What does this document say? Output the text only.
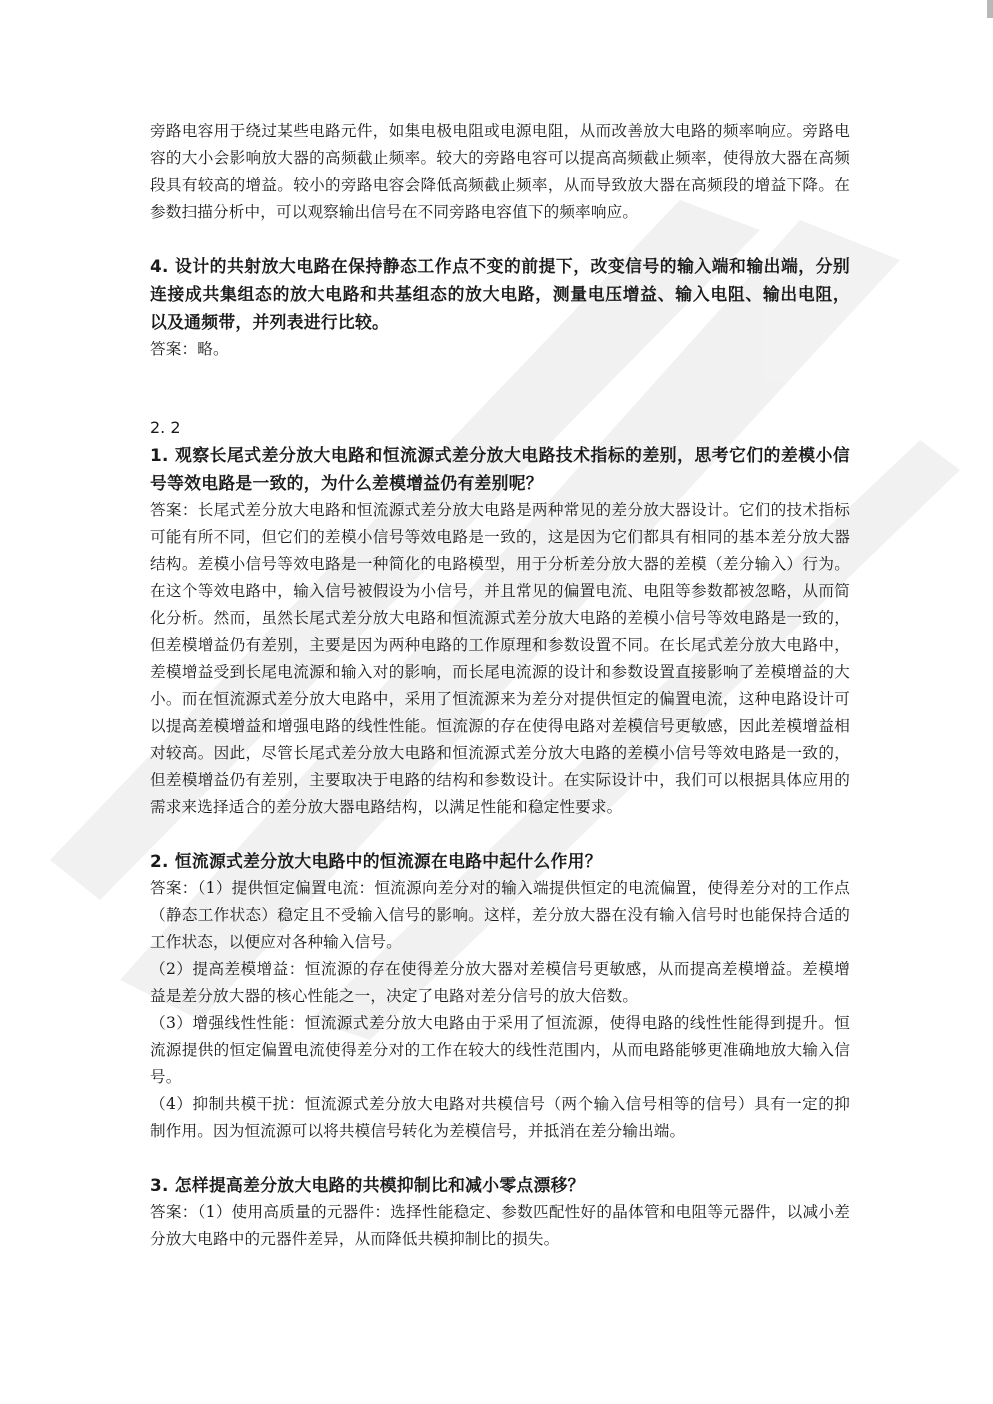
旁路电容用于绕过某些电路元件，如集电极电阻或电源电阻，从而改善放大电路的频率响应。旁路电容的大小会影响放大器的高频截止频率。较大的旁路电容可以提高高频截止频率，使得放大器在高频段具有较高的增益。较小的旁路电容会降低高频截止频率，从而导致放大器在高频段的增益下降。在参数扫描分析中，可以观察输出信号在不同旁路电容值下的频率响应。

4. 设计的共射放大电路在保持静态工作点不变的前提下，改变信号的输入端和输出端，分别连接成共集组态的放大电路和共基组态的放大电路，测量电压增益、输入电阻、输出电阻，以及通频带，并列表进行比较。

答案：略。

2. 2

1. 观察长尾式差分放大电路和恒流源式差分放大电路技术指标的差别，思考它们的差模小信号等效电路是一致的，为什么差模增益仍有差别呢？

答案：长尾式差分放大电路和恒流源式差分放大电路是两种常见的差分放大器设计。它们的技术指标可能有所不同，但它们的差模小信号等效电路是一致的，这是因为它们都具有相同的基本差分放大器结构。差模小信号等效电路是一种简化的电路模型，用于分析差分放大器的差模（差分输入）行为。在这个等效电路中，输入信号被假设为小信号，并且常见的偏置电流、电阻等参数都被忽略，从而简化分析。然而，虽然长尾式差分放大电路和恒流源式差分放大电路的差模小信号等效电路是一致的，但差模增益仍有差别，主要是因为两种电路的工作原理和参数设置不同。在长尾式差分放大电路中，差模增益受到长尾电流源和输入对的影响，而长尾电流源的设计和参数设置直接影响了差模增益的大小。而在恒流源式差分放大电路中，采用了恒流源来为差分对提供恒定的偏置电流，这种电路设计可以提高差模增益和增强电路的线性性能。恒流源的存在使得电路对差模信号更敏感，因此差模增益相对较高。因此，尽管长尾式差分放大电路和恒流源式差分放大电路的差模小信号等效电路是一致的，但差模增益仍有差别，主要取决于电路的结构和参数设计。在实际设计中，我们可以根据具体应用的需求来选择适合的差分放大器电路结构，以满足性能和稳定性要求。

2. 恒流源式差分放大电路中的恒流源在电路中起什么作用？

答案：（1）提供恒定偏置电流：恒流源向差分对的输入端提供恒定的电流偏置，使得差分对的工作点（静态工作状态）稳定且不受输入信号的影响。这样，差分放大器在没有输入信号时也能保持合适的工作状态，以便应对各种输入信号。

（2）提高差模增益：恒流源的存在使得差分放大器对差模信号更敏感，从而提高差模增益。差模增益是差分放大器的核心性能之一，决定了电路对差分信号的放大倍数。

（3）增强线性性能：恒流源式差分放大电路由于采用了恒流源，使得电路的线性性能得到提升。恒流源提供的恒定偏置电流使得差分对的工作在较大的线性范围内，从而电路能够更准确地放大输入信号。

（4）抑制共模干扰：恒流源式差分放大电路对共模信号（两个输入信号相等的信号）具有一定的抑制作用。因为恒流源可以将共模信号转化为差模信号，并抵消在差分输出端。

3. 怎样提高差分放大电路的共模抑制比和减小零点漂移？

答案：（1）使用高质量的元器件：选择性能稳定、参数匹配性好的晶体管和电阻等元器件，以减小差分放大电路中的元器件差异，从而降低共模抑制比的损失。
